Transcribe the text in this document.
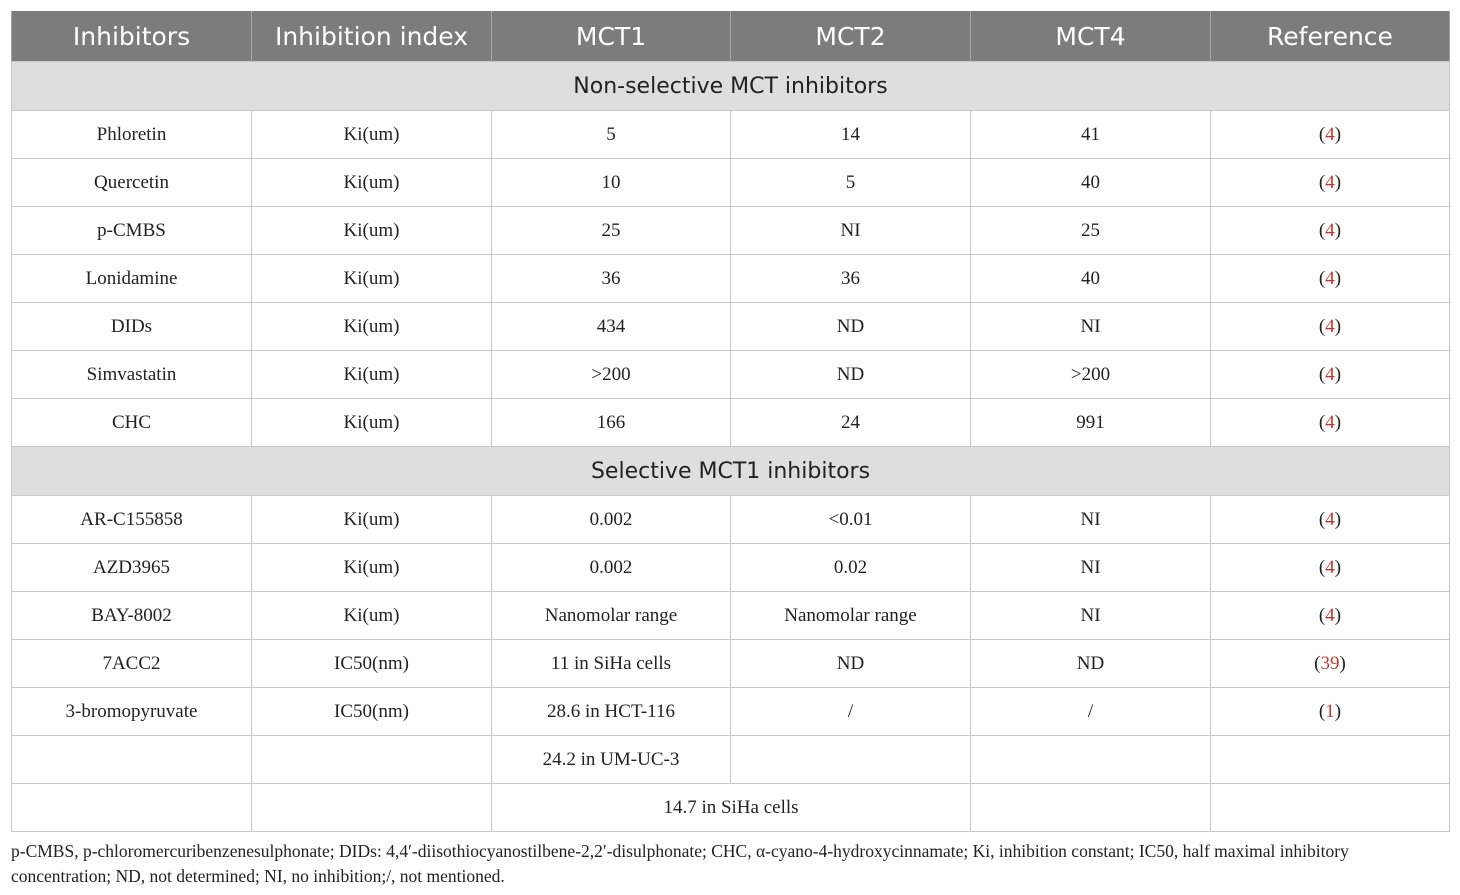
Inhibitors	Inhibition index	MCT1	MCT2	MCT4	Reference
Non-selective MCT inhibitors					
Phloretin	Ki(um)	5	14	41	(4)
Quercetin	Ki(um)	10	5	40	(4)
p-CMBS	Ki(um)	25	NI	25	(4)
Lonidamine	Ki(um)	36	36	40	(4)
DIDs	Ki(um)	434	ND	NI	(4)
Simvastatin	Ki(um)	>200	ND	>200	(4)
CHC	Ki(um)	166	24	991	(4)
Selective MCT1 inhibitors					
AR-C155858	Ki(um)	0.002	<0.01	NI	(4)
AZD3965	Ki(um)	0.002	0.02	NI	(4)
BAY-8002	Ki(um)	Nanomolar range	Nanomolar range	NI	(4)
7ACC2	IC50(nm)	11 in SiHa cells	ND	ND	(39)
3-bromopyruvate	IC50(nm)	28.6 in HCT-116	/	/	(1)
		24.2 in UM-UC-3			
		14.7 in SiHa cells			
p-CMBS, p-chloromercuribenzenesulphonate; DIDs: 4,4′-diisothiocyanostilbene-2,2′-disulphonate; CHC, α-cyano-4-hydroxycinnamate; Ki, inhibition constant; IC50, half maximal inhibitory concentration; ND, not determined; NI, no inhibition;/, not mentioned.
